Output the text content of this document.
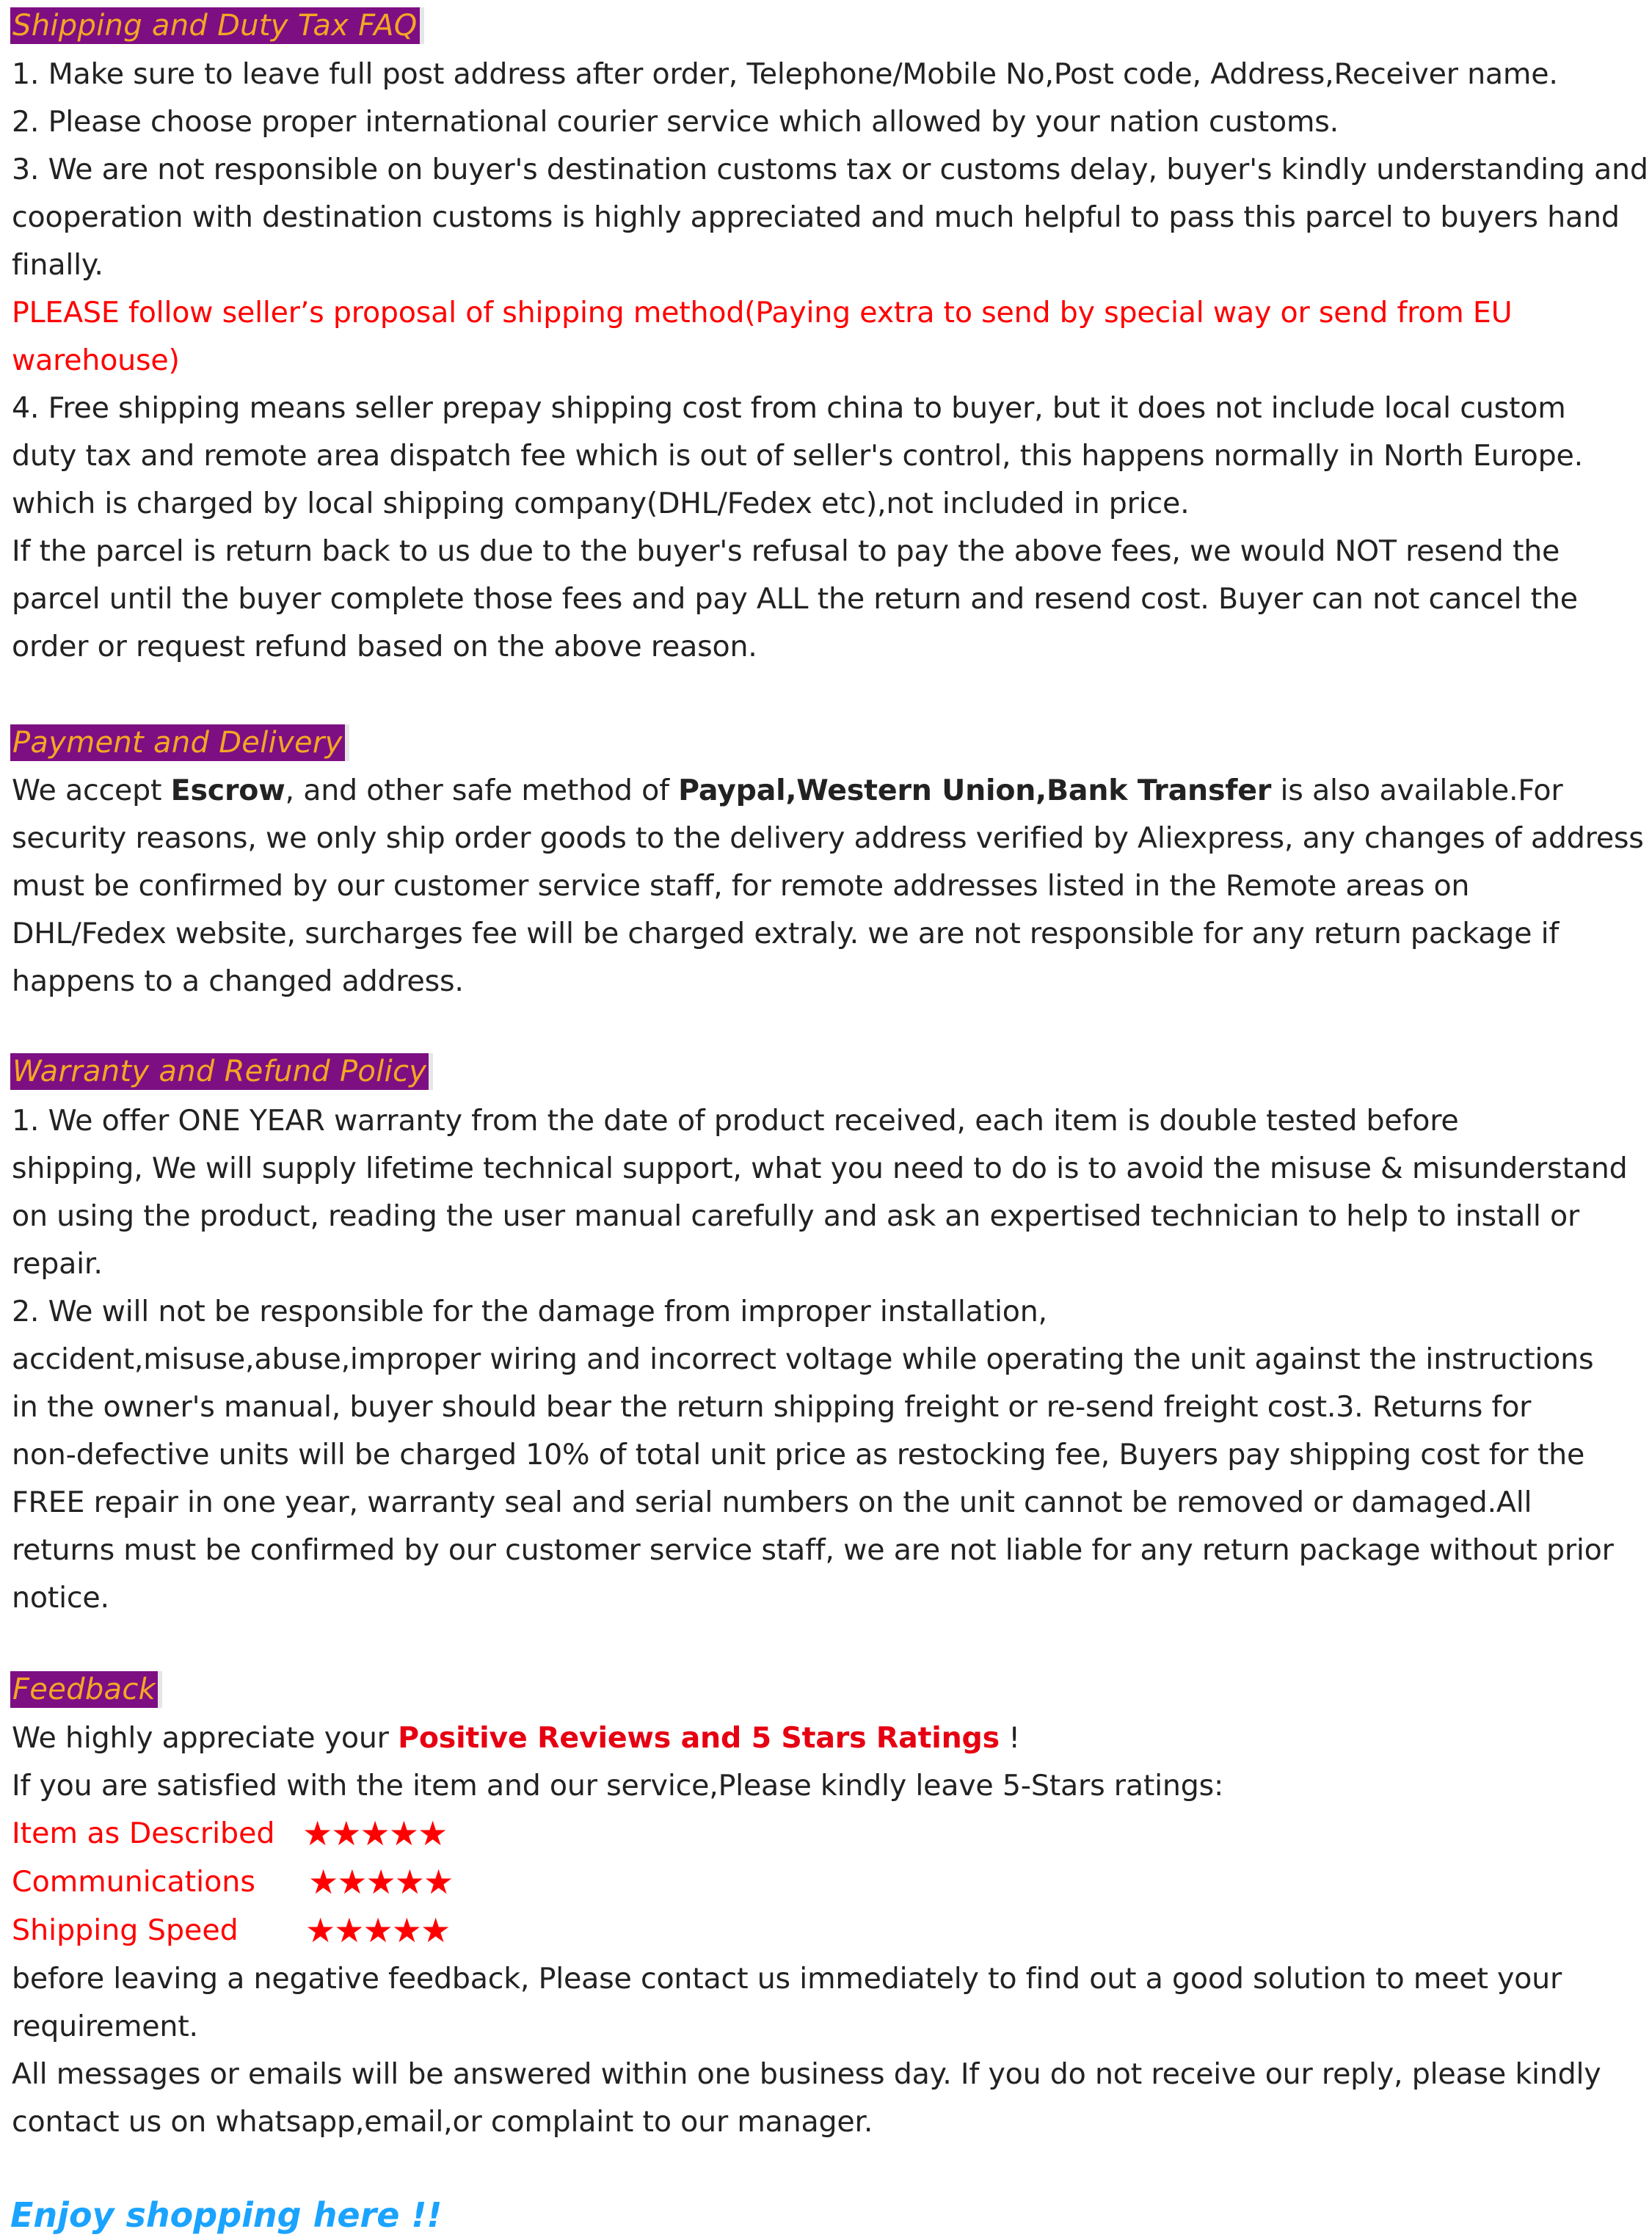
Shipping and Duty Tax FAQ

1. Make sure to leave full post address after order, Telephone/Mobile No,Post code, Address,Receiver name.

2. Please choose proper international courier service which allowed by your nation customs.

3. We are not responsible on buyer's destination customs tax or customs delay, buyer's kindly understanding and

cooperation with destination customs is highly appreciated and much helpful to pass this parcel to buyers hand

finally.

PLEASE follow seller’s proposal of shipping method(Paying extra to send by special way or send from EU

warehouse)

4. Free shipping means seller prepay shipping cost from china to buyer, but it does not include local custom

duty tax and remote area dispatch fee which is out of seller's control, this happens normally in North Europe.

which is charged by local shipping company(DHL/Fedex etc),not included in price.

If the parcel is return back to us due to the buyer's refusal to pay the above fees, we would NOT resend the

parcel until the buyer complete those fees and pay ALL the return and resend cost. Buyer can not cancel the

order or request refund based on the above reason.

Payment and Delivery

We accept Escrow, and other safe method of Paypal,Western Union,Bank Transfer is also available.For

security reasons, we only ship order goods to the delivery address verified by Aliexpress, any changes of address

must be confirmed by our customer service staff, for remote addresses listed in the Remote areas on

DHL/Fedex website, surcharges fee will be charged extraly. we are not responsible for any return package if

happens to a changed address.

Warranty and Refund Policy

1. We offer ONE YEAR warranty from the date of product received, each item is double tested before

shipping, We will supply lifetime technical support, what you need to do is to avoid the misuse & misunderstand

on using the product, reading the user manual carefully and ask an expertised technician to help to install or

repair.

2. We will not be responsible for the damage from improper installation,

accident,misuse,abuse,improper wiring and incorrect voltage while operating the unit against the instructions

in the owner's manual, buyer should bear the return shipping freight or re-send freight cost.3. Returns for

non-defective units will be charged 10% of total unit price as restocking fee, Buyers pay shipping cost for the

FREE repair in one year, warranty seal and serial numbers on the unit cannot be removed or damaged.All

returns must be confirmed by our customer service staff, we are not liable for any return package without prior

notice.

Feedback

We highly appreciate your Positive Reviews and 5 Stars Ratings !

If you are satisfied with the item and our service,Please kindly leave 5-Stars ratings:

Item as Described ★★★★★
Communications ★★★★★
Shipping Speed ★★★★★

before leaving a negative feedback, Please contact us immediately to find out a good solution to meet your

requirement.

All messages or emails will be answered within one business day. If you do not receive our reply, please kindly

contact us on whatsapp,email,or complaint to our manager.

Enjoy shopping here !!
